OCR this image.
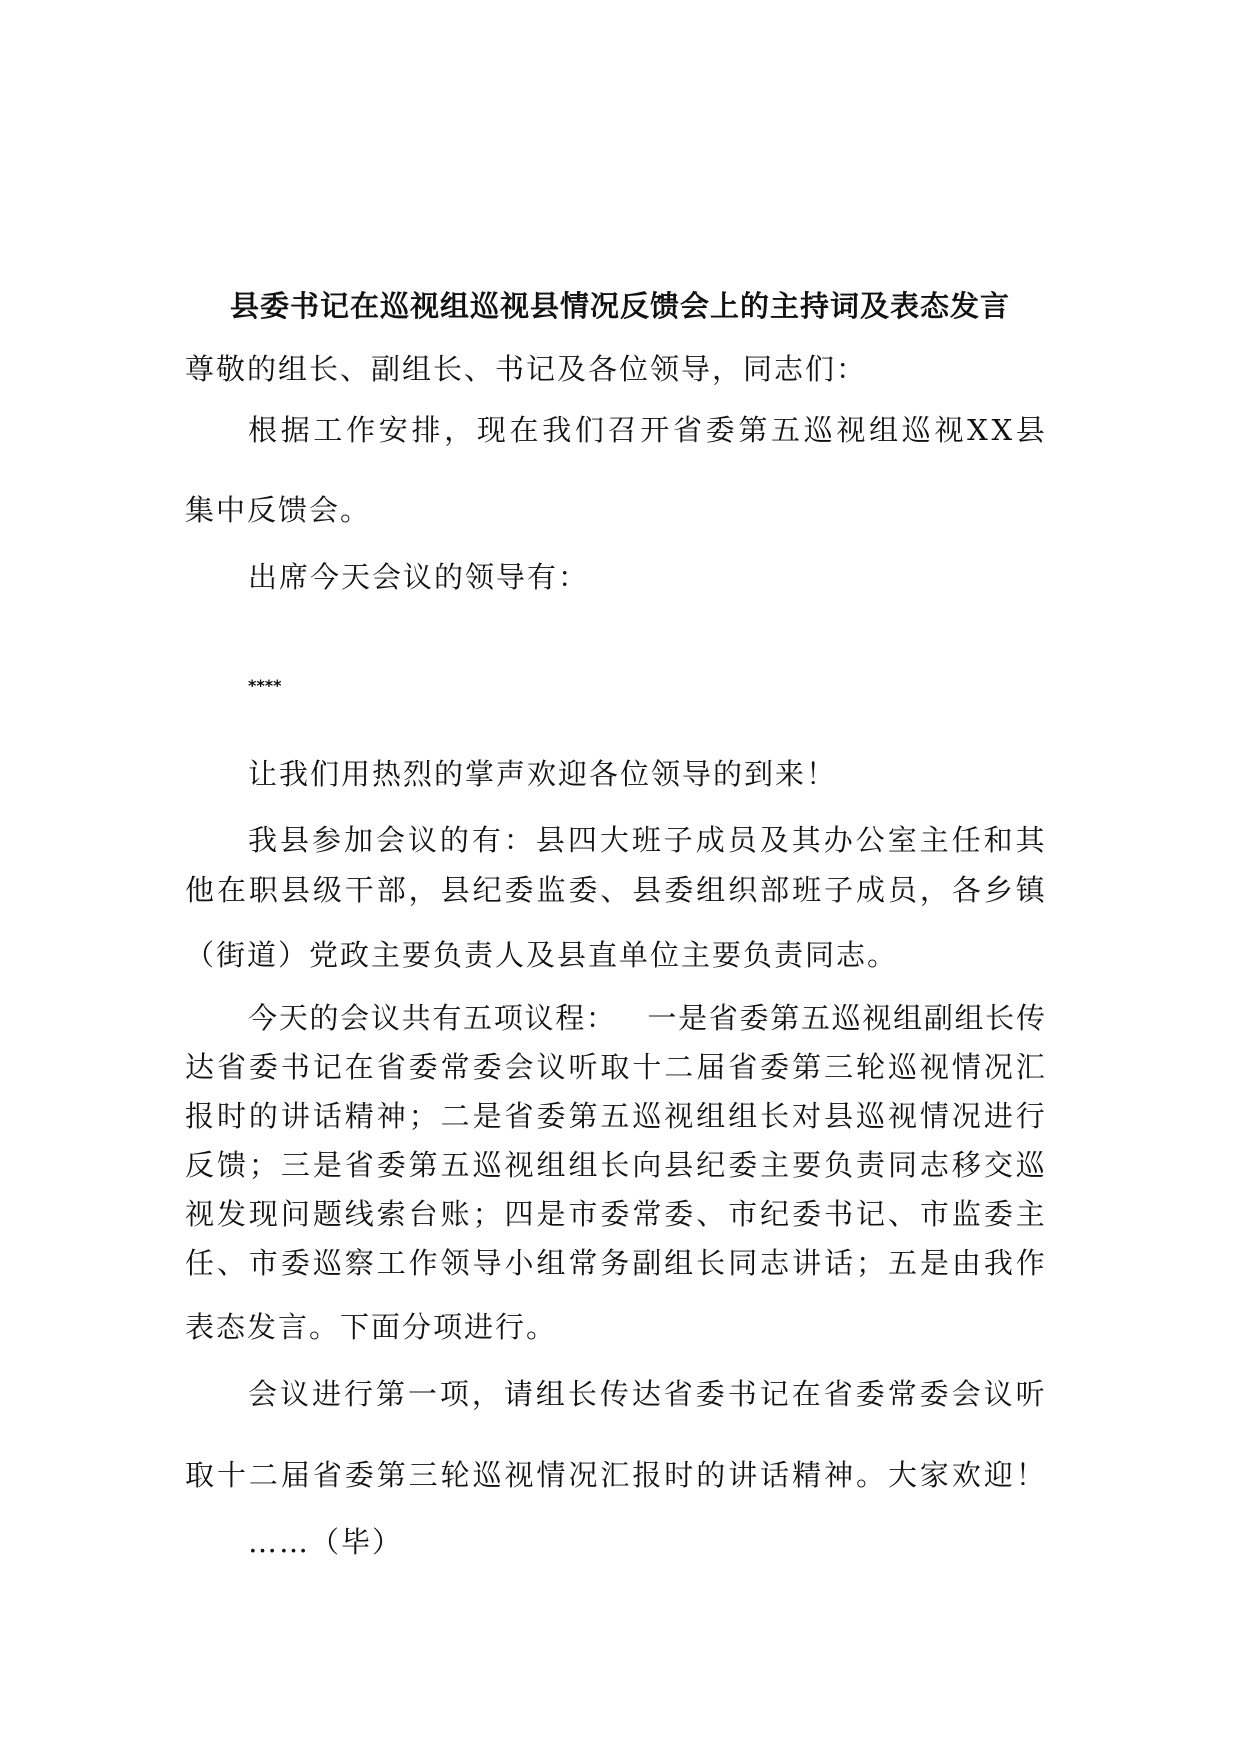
县委书记在巡视组巡视县情况反馈会上的主持词及表态发言
尊敬的组长、副组长、书记及各位领导，同志们：
根 据 工 作 安 排 ， 现 在 我 们 召 开 省 委 第 五 巡 视 组 巡 视 X X 县
集中反馈会。
出席今天会议的领导有：
****
让我们用热烈的掌声欢迎各位领导的到来！
我 县 参 加 会 议 的 有 ： 县 四 大 班 子 成 员 及 其 办 公 室 主 任 和 其
他 在 职 县 级 干 部 ， 县 纪 委 监 委 、 县 委 组 织 部 班 子 成 员 ， 各 乡 镇
（街道）党政主要负责人及县直单位主要负责同志。
今 天 的 会 议 共 有 五 项 议 程 ：
　 一 是 省 委 第 五 巡 视 组 副 组 长 传
达 省 委 书 记 在 省 委 常 委 会 议 听 取 十 二 届 省 委 第 三 轮 巡 视 情 况 汇
报 时 的 讲 话 精 神 ； 二 是 省 委 第 五 巡 视 组 组 长 对 县 巡 视 情 况 进 行
反 馈 ； 三 是 省 委 第 五 巡 视 组 组 长 向 县 纪 委 主 要 负 责 同 志 移 交 巡
视 发 现 问 题 线 索 台 账 ； 四 是 市 委 常 委 、 市 纪 委 书 记 、 市 监 委 主
任 、 市 委 巡 察 工 作 领 导 小 组 常 务 副 组 长 同 志 讲 话 ； 五 是 由 我 作
表态发言。下面分项进行。
会 议 进 行 第 一 项 ， 请 组 长 传 达 省 委 书 记 在 省 委 常 委 会 议 听
取 十 二 届 省 委 第 三 轮 巡 视 情 况 汇 报 时 的 讲 话 精 神 。 大 家 欢 迎 ！
……（毕）
